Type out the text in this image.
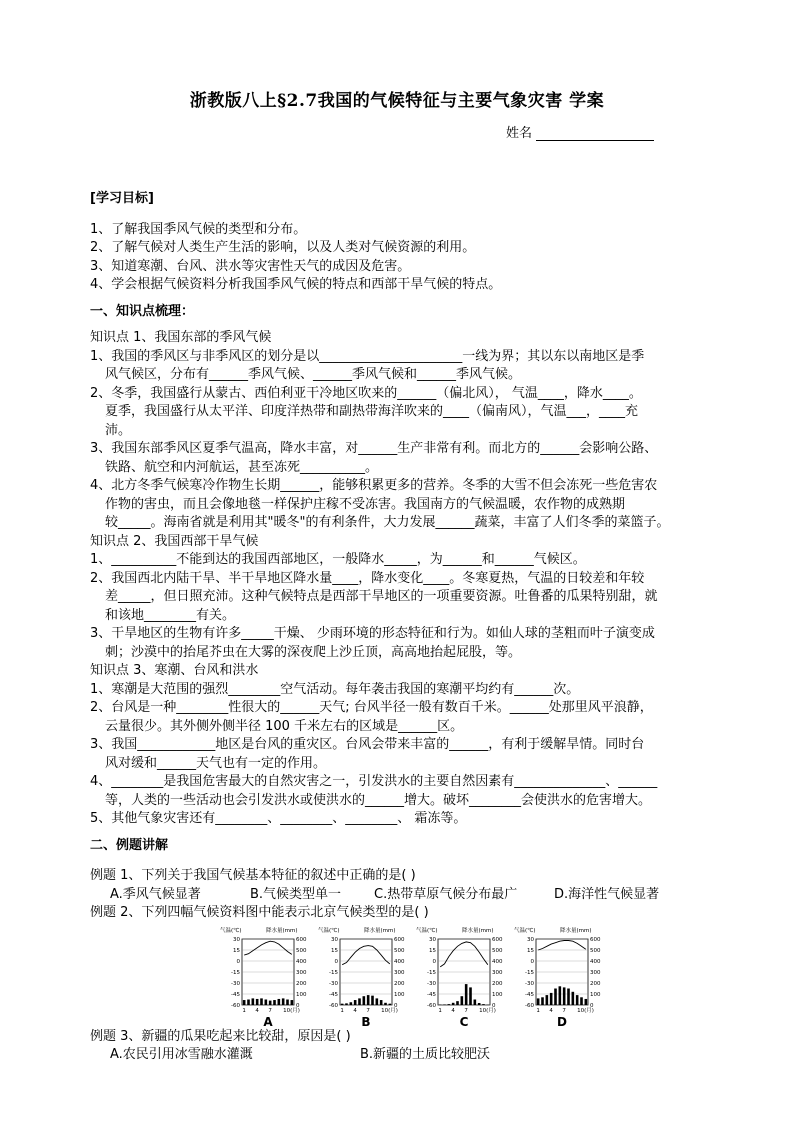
浙教版八上§2.7我国的气候特征与主要气象灾害 学案
姓名

[学习目标]

1、了解我国季风气候的类型和分布。

2、了解气候对人类生产生活的影响，以及人类对气候资源的利用。

3、知道寒潮、台风、洪水等灾害性天气的成因及危害。

4、学会根据气候资料分析我国季风气候的特点和西部干旱气候的特点。

一、知识点梳理：

知识点 1、我国东部的季风气候

1、我国的季风区与非季风区的划分是以______________________一线为界；其以东以南地区是季

风气候区，分布有______季风气候、______季风气候和______季风气候。

2、冬季，我国盛行从蒙古、西伯利亚干冷地区吹来的______（偏北风）， 气温____，降水____。

夏季，我国盛行从太平洋、印度洋热带和副热带海洋吹来的____（偏南风），气温___，____充

沛。

3、我国东部季风区夏季气温高，降水丰富，对______生产非常有利。而北方的______会影响公路、

铁路、航空和内河航运，甚至冻死__________。

4、北方冬季气候寒冷作物生长期______，能够积累更多的营养。冬季的大雪不但会冻死一些危害农

作物的害虫，而且会像地毯一样保护庄稼不受冻害。我国南方的气候温暖，农作物的成熟期

较_____。海南省就是利用其"暖冬"的有利条件，大力发展______蔬菜，丰富了人们冬季的菜篮子。

知识点 2、我国西部干旱气候

1、__________不能到达的我国西部地区，一般降水_____，为______和______气候区。

2、我国西北内陆干旱、半干旱地区降水量____，降水变化____。冬寒夏热，气温的日较差和年较

差_____，但日照充沛。这种气候特点是西部干旱地区的一项重要资源。吐鲁番的瓜果特别甜，就

和该地________有关。

3、干旱地区的生物有许多_____干燥、 少雨环境的形态特征和行为。如仙人球的茎粗而叶子演变成

刺；沙漠中的抬尾芥虫在大雾的深夜爬上沙丘顶，高高地抬起屁股，等。

知识点 3、寒潮、台风和洪水

1、寒潮是大范围的强烈________空气活动。每年袭击我国的寒潮平均约有______次。

2、台风是一种________性很大的______天气; 台风半径一般有数百千米。______处那里风平浪静，

云量很少。其外侧外侧半径 100 千米左右的区域是______区。

3、我国____________地区是台风的重灾区。台风会带来丰富的______，有利于缓解旱情。同时台

风对缓和______天气也有一定的作用。

4、________是我国危害最大的自然灾害之一，引发洪水的主要自然因素有______________、______

等，人类的一些活动也会引发洪水或使洪水的______增大。破坏________会使洪水的危害增大。

5、其他气象灾害还有________、________、________、 霜冻等。

二、例题讲解

例题 1、下列关于我国气候基本特征的叙述中正确的是( )

A.季风气候显著	B.气候类型单一	C.热带草原气候分布最广	D.海洋性气候显著

例题 2、下列四幅气候资料图中能表示北京气候类型的是( )

气温(℃)	降水量(mm)
30
15
0
-15
-30
-45
-60
600
500
400
300
200
100
0
1 4 7 10(月)
A
气温(℃)	降水量(mm)
30
15
0
-15
-30
-45
-60
600
500
400
300
200
100
0
1 4 7 10(月)
B
气温(℃)	降水量(mm)
30
15
0
-15
-30
-45
-60
600
500
400
300
200
100
0
1 4 7 10(月)
C
气温(℃)	降水量(mm)
30
15
0
-15
-30
-45
-60
600
500
400
300
200
100
0
1 4 7 10(月)
D

例题 3、新疆的瓜果吃起来比较甜，原因是( )

A.农民引用冰雪融水灌溉	B.新疆的土质比较肥沃
